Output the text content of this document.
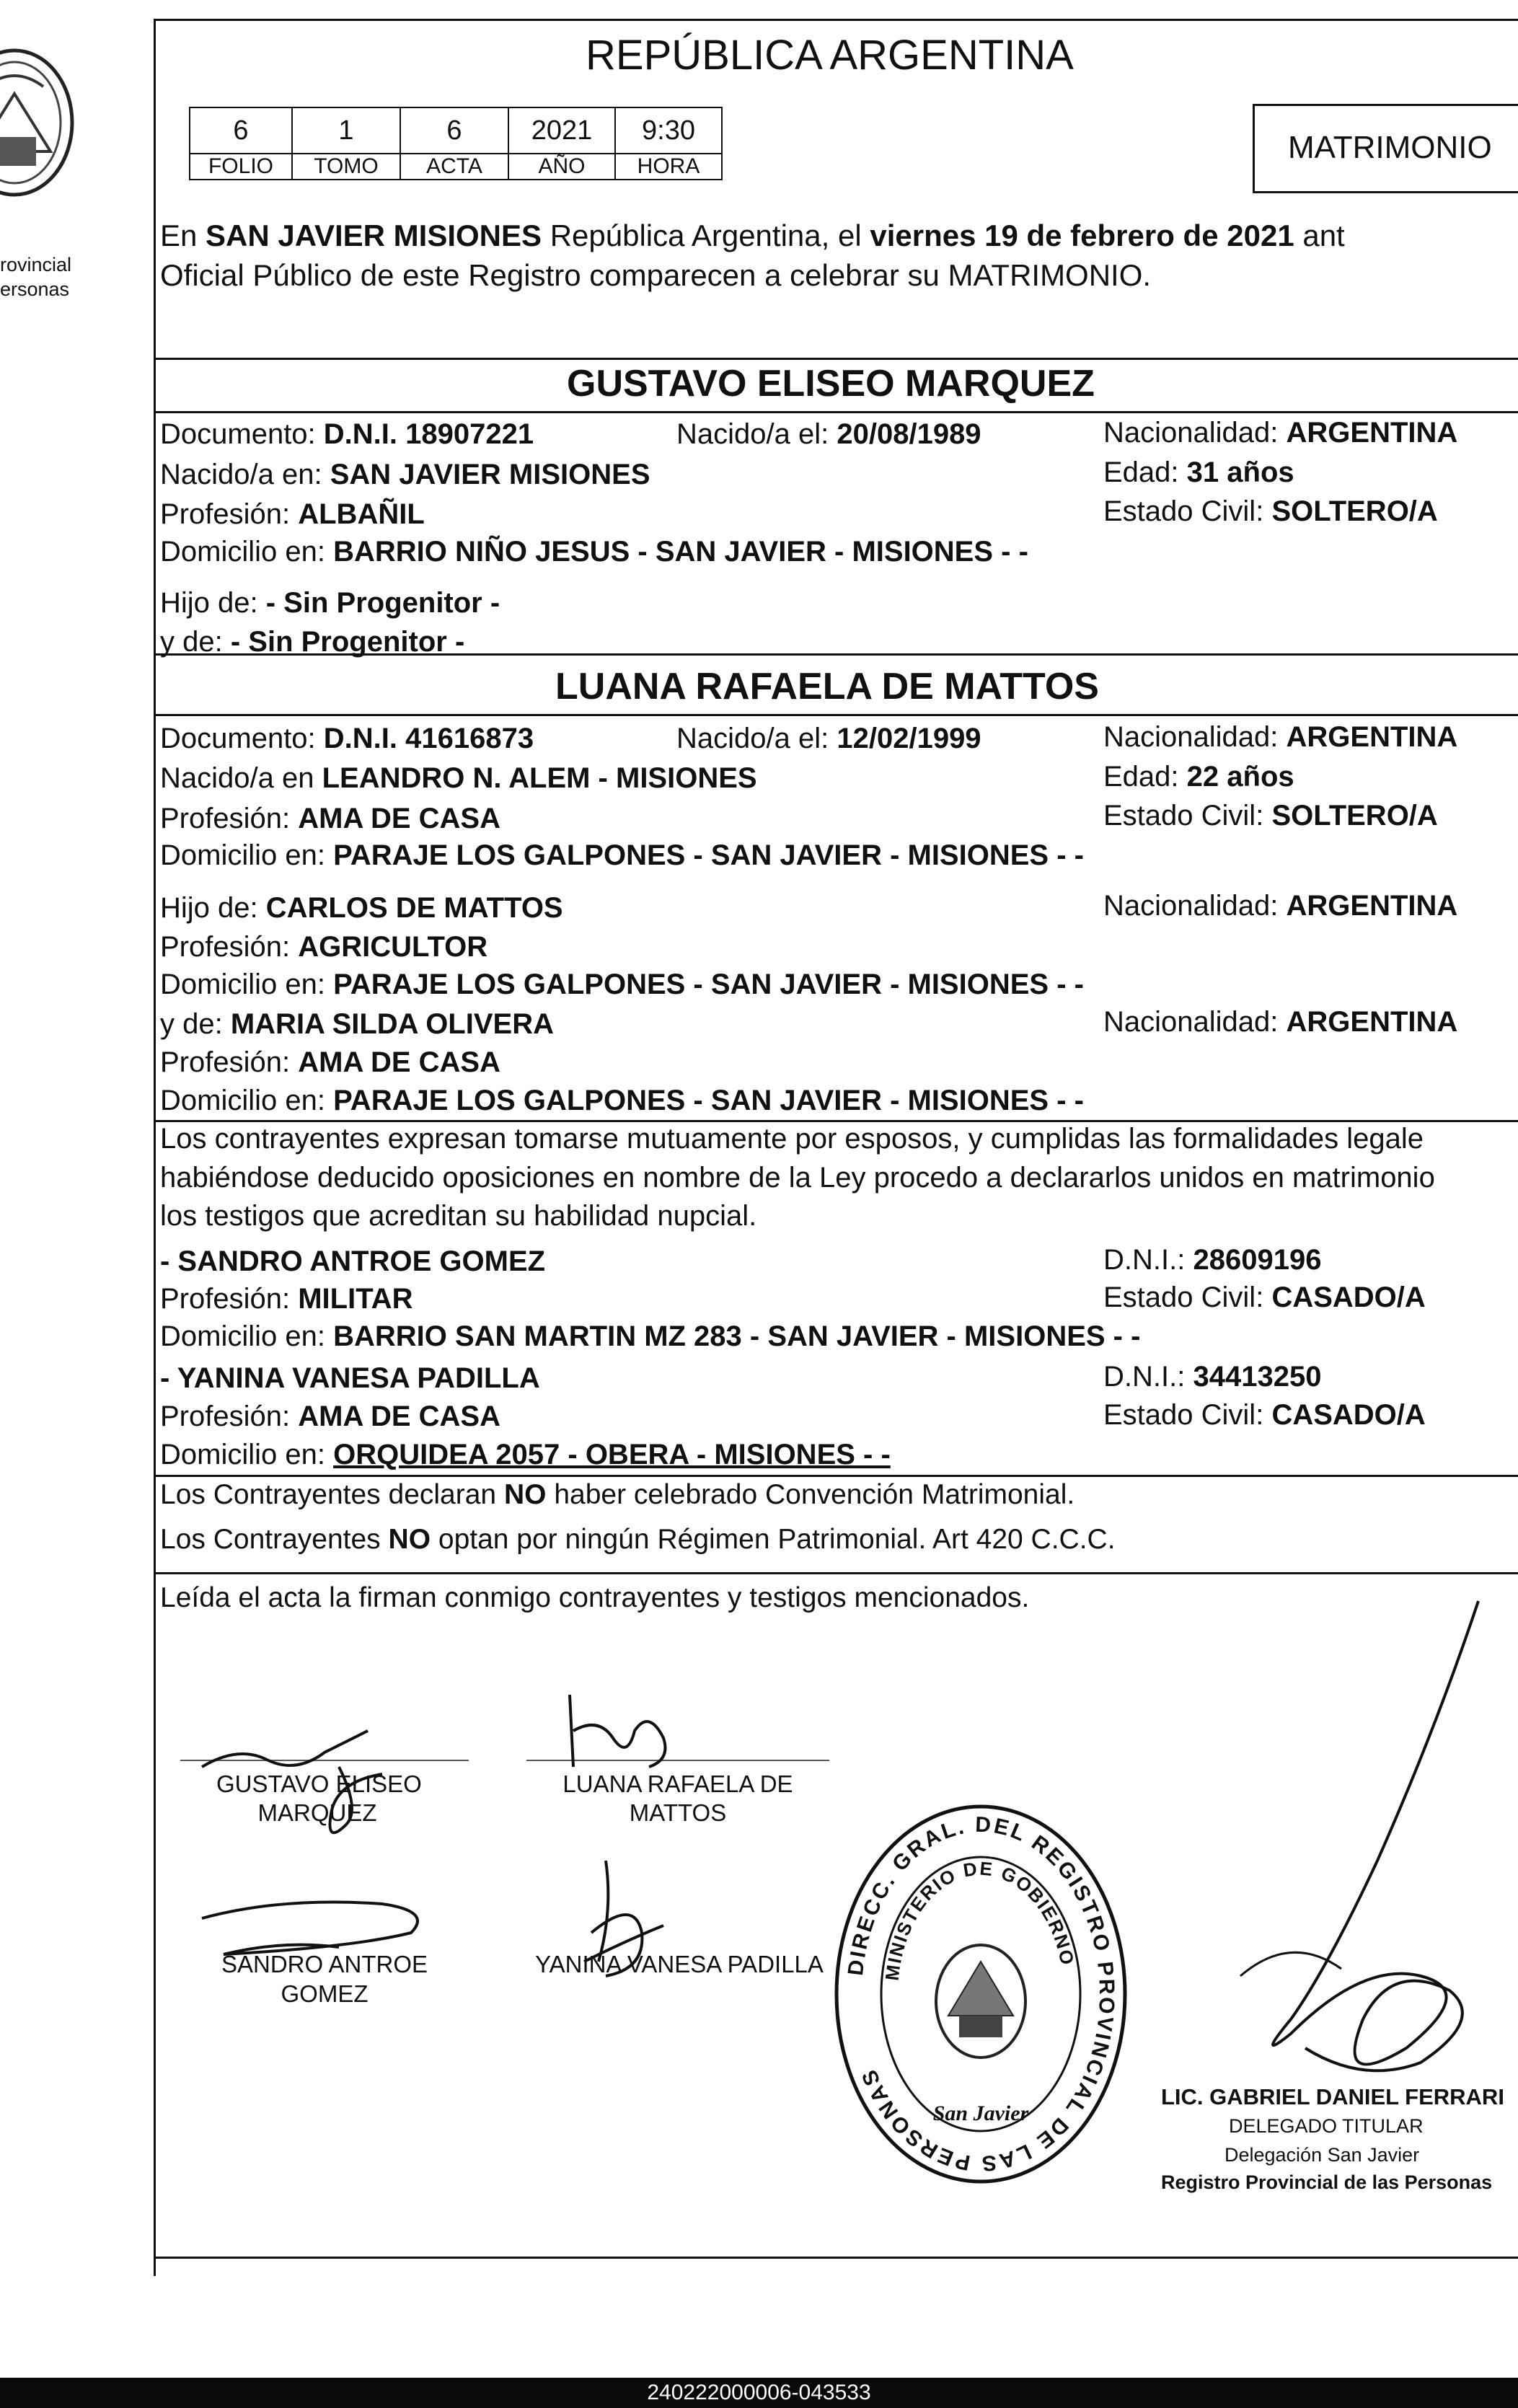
rovincial
ersonas
REPÚBLICA ARGENTINA
6	1	6	2021	9:30
FOLIO	TOMO	ACTA	AÑO	HORA
MATRIMONIO
En SAN JAVIER MISIONES República Argentina, el viernes 19 de febrero de 2021 ant
Oficial Público de este Registro comparecen a celebrar su MATRIMONIO.
GUSTAVO ELISEO MARQUEZ
Documento: D.N.I. 18907221	Nacido/a el: 20/08/1989	Nacionalidad: ARGENTINA
Nacido/a en: SAN JAVIER MISIONES	Edad: 31 años
Profesión: ALBAÑIL	Estado Civil: SOLTERO/A
Domicilio en: BARRIO NIÑO JESUS - SAN JAVIER - MISIONES - -
Hijo de: - Sin Progenitor -
y de: - Sin Progenitor -
LUANA RAFAELA DE MATTOS
Documento: D.N.I. 41616873	Nacido/a el: 12/02/1999	Nacionalidad: ARGENTINA
Nacido/a en LEANDRO N. ALEM - MISIONES	Edad: 22 años
Profesión: AMA DE CASA	Estado Civil: SOLTERO/A
Domicilio en: PARAJE LOS GALPONES - SAN JAVIER - MISIONES - -
Hijo de: CARLOS DE MATTOS	Nacionalidad: ARGENTINA
Profesión: AGRICULTOR
Domicilio en: PARAJE LOS GALPONES - SAN JAVIER - MISIONES - -
y de: MARIA SILDA OLIVERA	Nacionalidad: ARGENTINA
Profesión: AMA DE CASA
Domicilio en: PARAJE LOS GALPONES - SAN JAVIER - MISIONES - -
Los contrayentes expresan tomarse mutuamente por esposos, y cumplidas las formalidades legale
habiéndose deducido oposiciones en nombre de la Ley procedo a declararlos unidos en matrimonio
los testigos que acreditan su habilidad nupcial.
- SANDRO ANTROE GOMEZ	D.N.I.: 28609196
Profesión: MILITAR	Estado Civil: CASADO/A
Domicilio en: BARRIO SAN MARTIN MZ 283 - SAN JAVIER - MISIONES - -
- YANINA VANESA PADILLA	D.N.I.: 34413250
Profesión: AMA DE CASA	Estado Civil: CASADO/A
Domicilio en: ORQUIDEA 2057 - OBERA - MISIONES - -
Los Contrayentes declaran NO haber celebrado Convención Matrimonial.
Los Contrayentes NO optan por ningún Régimen Patrimonial. Art 420 C.C.C.
Leída el acta la firman conmigo contrayentes y testigos mencionados.
GUSTAVO ELISEO
MARQUEZ
LUANA RAFAELA DE
MATTOS
SANDRO ANTROE
GOMEZ
YANINA VANESA PADILLA DIRECC. GRAL. DEL REGISTRO PROVINCIAL DE LAS PERSONAS
MINISTERIO DE GOBIERNO
San Javier
LIC. GABRIEL DANIEL FERRARI
DELEGADO TITULAR
Delegación San Javier
Registro Provincial de las Personas
240222000006-043533
